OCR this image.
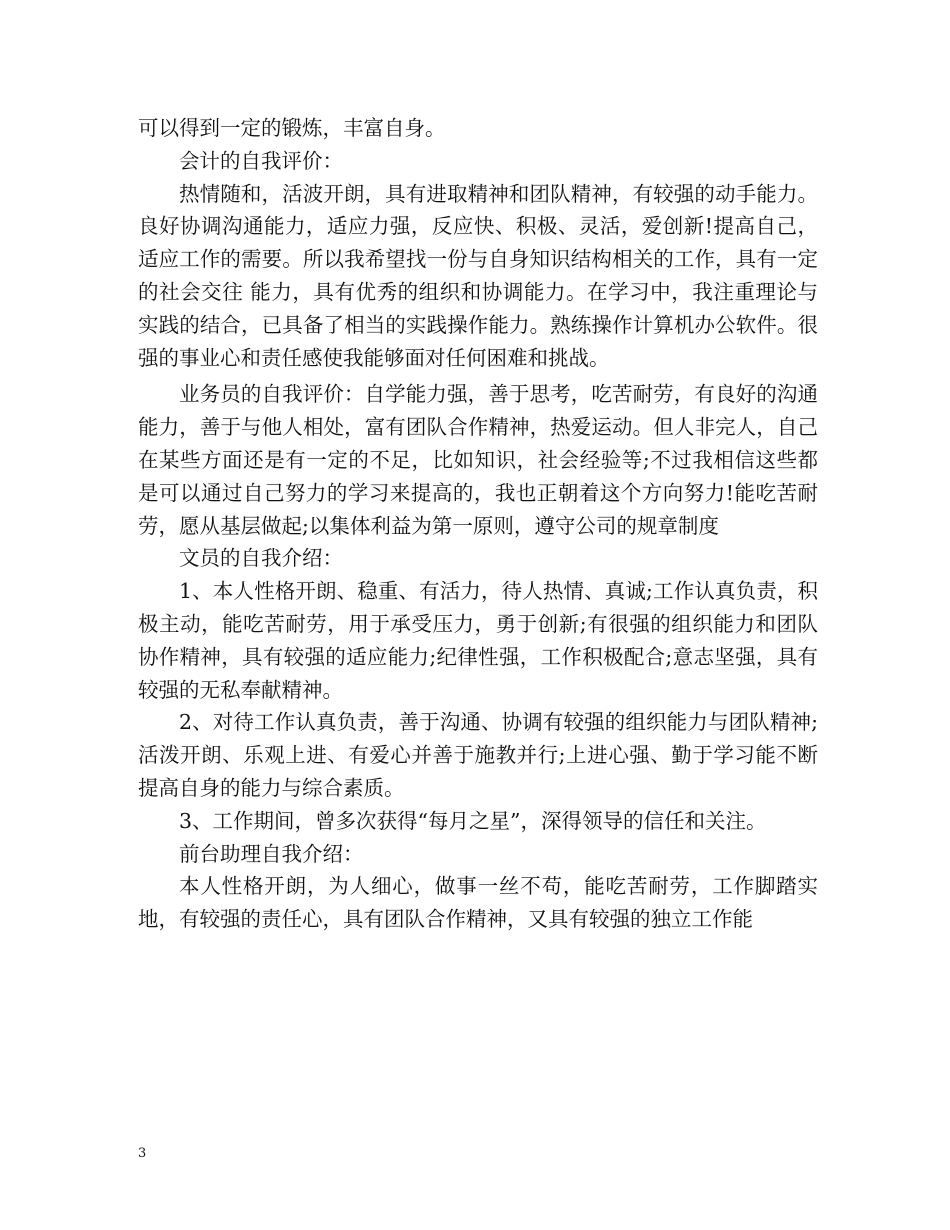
可以得到一定的锻炼，丰富自身。

会计的自我评价：

热情随和，活波开朗，具有进取精神和团队精神，有较强的动手能力。良好协调沟通能力，适应力强，反应快、积极、灵活，爱创新!提高自己，适应工作的需要。所以我希望找一份与自身知识结构相关的工作，具有一定的社会交往 能力，具有优秀的组织和协调能力。在学习中，我注重理论与实践的结合，已具备了相当的实践操作能力。熟练操作计算机办公软件。很强的事业心和责任感使我能够面对任何困难和挑战。

业务员的自我评价：自学能力强，善于思考，吃苦耐劳，有良好的沟通能力，善于与他人相处，富有团队合作精神，热爱运动。但人非完人，自己在某些方面还是有一定的不足，比如知识，社会经验等;不过我相信这些都是可以通过自己努力的学习来提高的，我也正朝着这个方向努力!能吃苦耐劳，愿从基层做起;以集体利益为第一原则，遵守公司的规章制度

文员的自我介绍：

1、本人性格开朗、稳重、有活力，待人热情、真诚;工作认真负责，积极主动，能吃苦耐劳，用于承受压力，勇于创新;有很强的组织能力和团队协作精神，具有较强的适应能力;纪律性强，工作积极配合;意志坚强，具有较强的无私奉献精神。

2、对待工作认真负责，善于沟通、协调有较强的组织能力与团队精神;活泼开朗、乐观上进、有爱心并善于施教并行;上进心强、勤于学习能不断提高自身的能力与综合素质。

3、工作期间，曾多次获得“每月之星”，深得领导的信任和关注。

前台助理自我介绍：

本人性格开朗，为人细心，做事一丝不苟，能吃苦耐劳，工作脚踏实地，有较强的责任心，具有团队合作精神，又具有较强的独立工作能

3
